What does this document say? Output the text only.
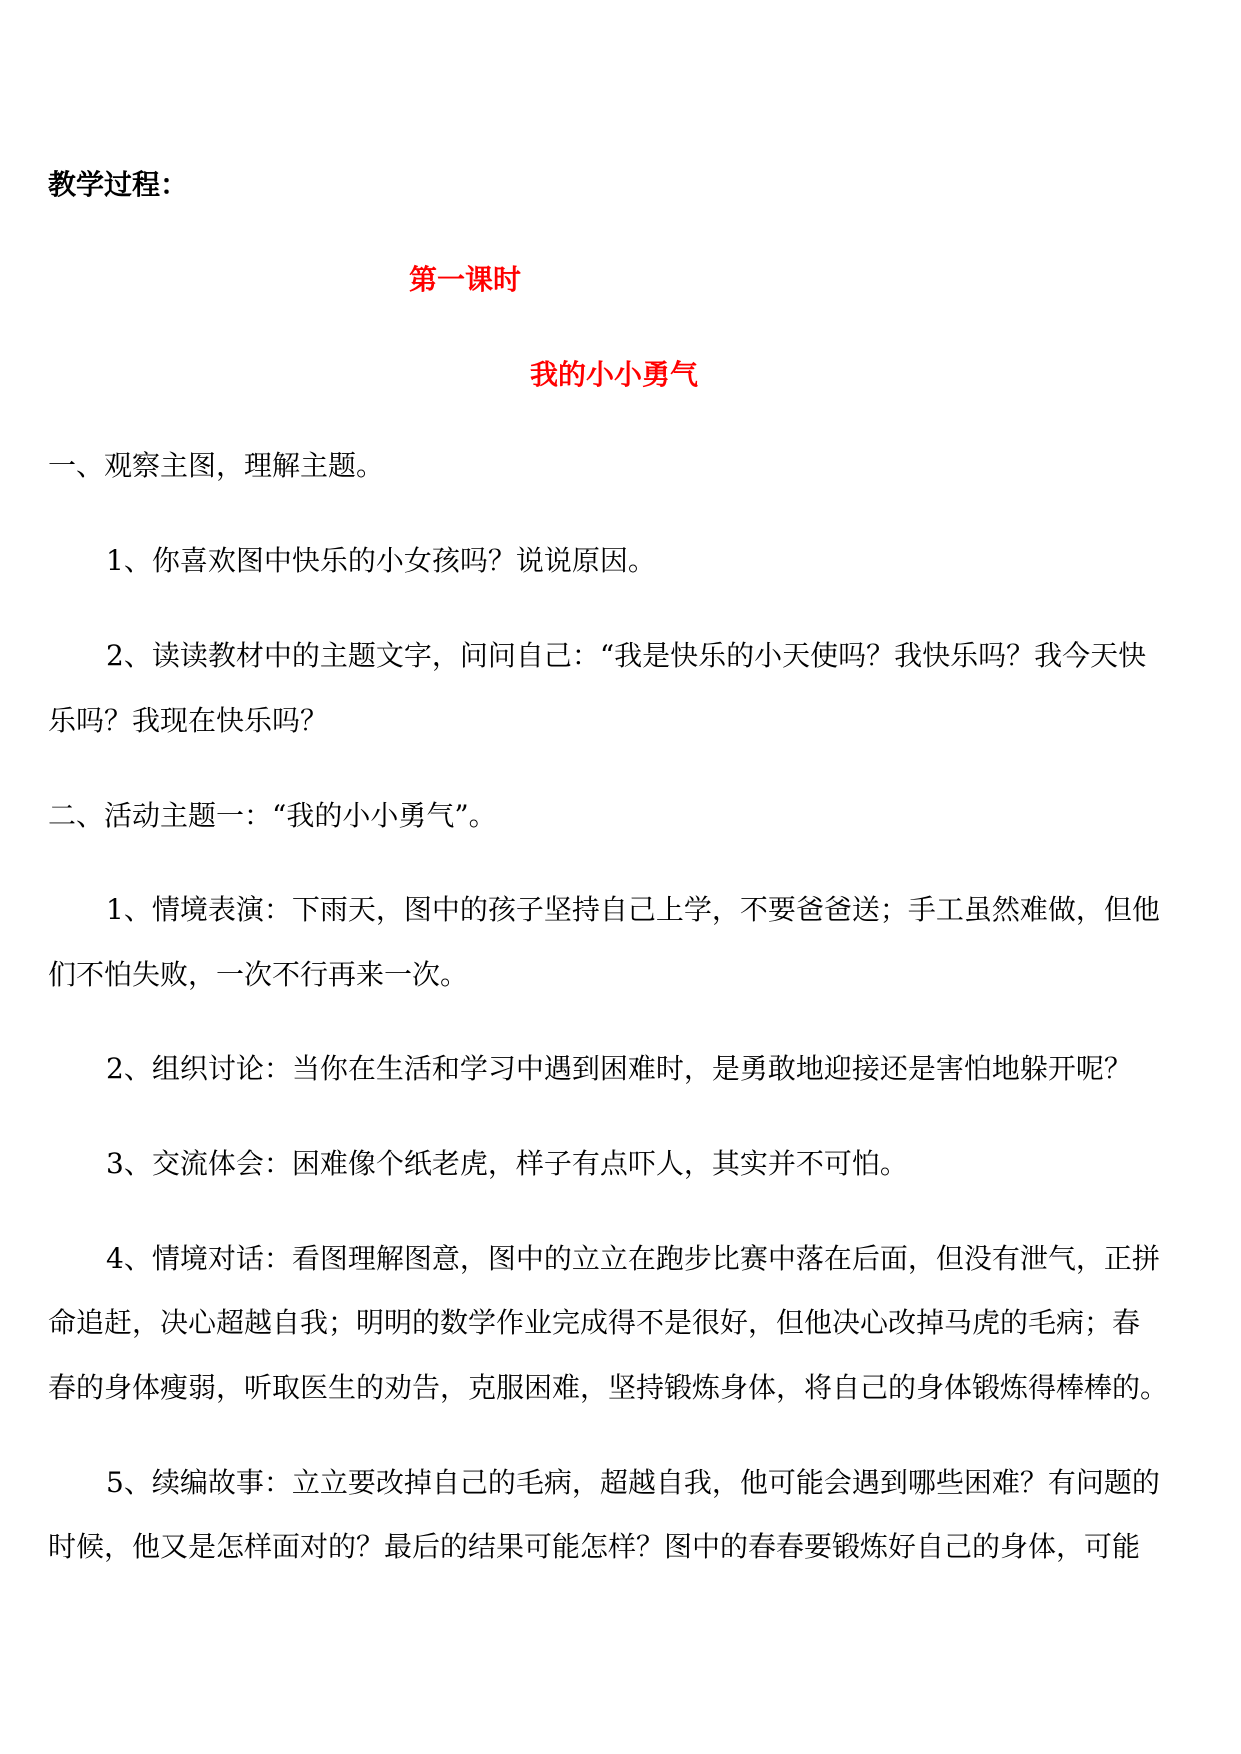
教学过程：

第一课时

我的小小勇气

一、观察主图，理解主题。

1、你喜欢图中快乐的小女孩吗？说说原因。

2、读读教材中的主题文字，问问自己：“我是快乐的小天使吗？我快乐吗？我今天快

乐吗？我现在快乐吗？

二、活动主题一：“我的小小勇气”。

1、情境表演：下雨天，图中的孩子坚持自己上学，不要爸爸送；手工虽然难做，但他

们不怕失败，一次不行再来一次。

2、组织讨论：当你在生活和学习中遇到困难时，是勇敢地迎接还是害怕地躲开呢？

3、交流体会：困难像个纸老虎，样子有点吓人，其实并不可怕。

4、情境对话：看图理解图意，图中的立立在跑步比赛中落在后面，但没有泄气，正拼

命追赶，决心超越自我；明明的数学作业完成得不是很好，但他决心改掉马虎的毛病；春

春的身体瘦弱，听取医生的劝告，克服困难，坚持锻炼身体，将自己的身体锻炼得棒棒的。

5、续编故事：立立要改掉自己的毛病，超越自我，他可能会遇到哪些困难？有问题的

时候，他又是怎样面对的？最后的结果可能怎样？图中的春春要锻炼好自己的身体，可能
